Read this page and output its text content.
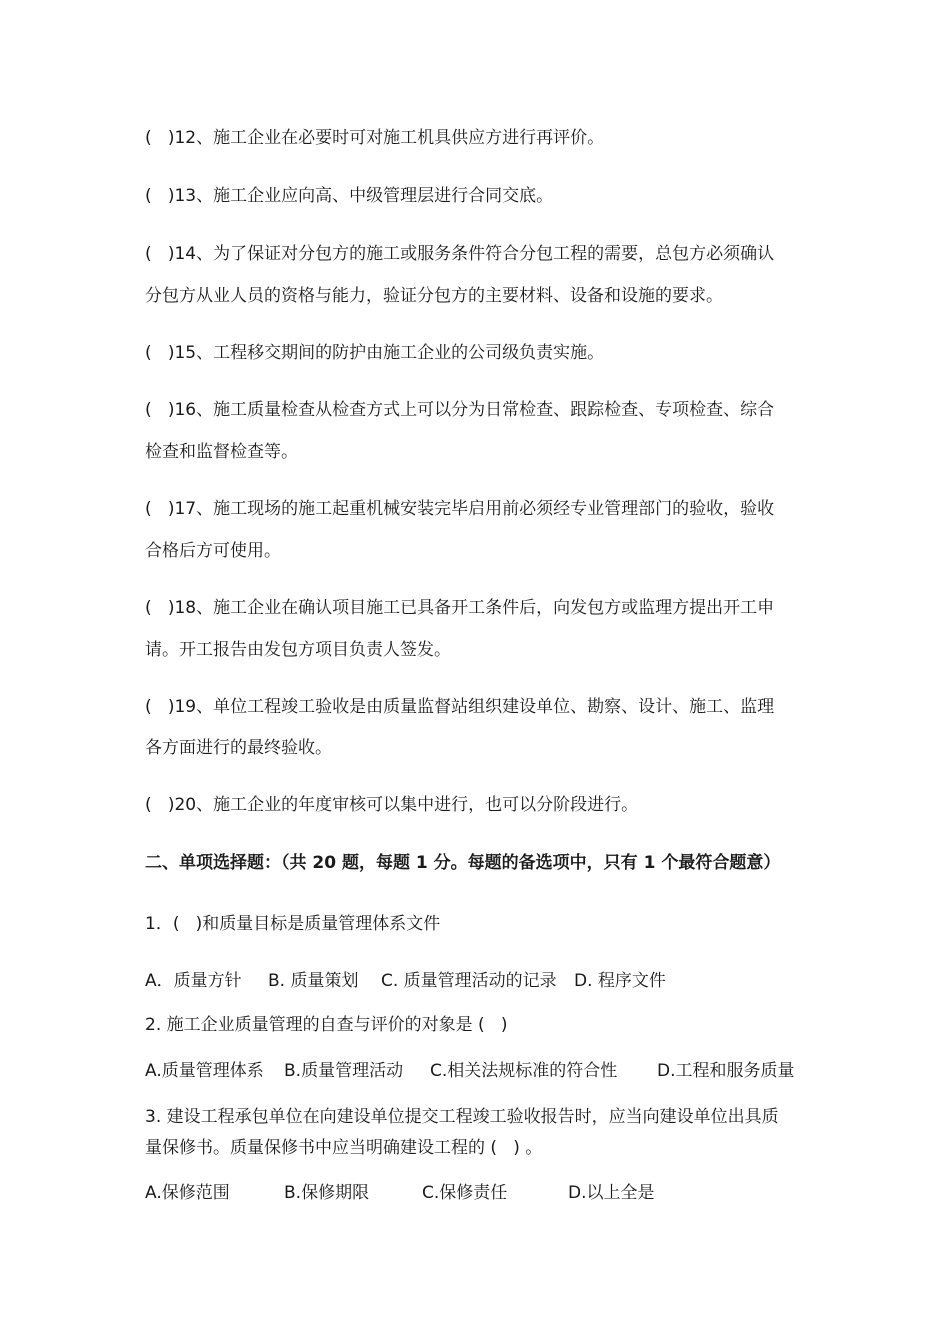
(   )12、施工企业在必要时可对施工机具供应方进行再评价。
(   )13、施工企业应向高、中级管理层进行合同交底。
(   )14、为了保证对分包方的施工或服务条件符合分包工程的需要，总包方必须确认
分包方从业人员的资格与能力，验证分包方的主要材料、设备和设施的要求。
(   )15、工程移交期间的防护由施工企业的公司级负责实施。
(   )16、施工质量检查从检查方式上可以分为日常检查、跟踪检查、专项检查、综合
检查和监督检查等。
(   )17、施工现场的施工起重机械安装完毕启用前必须经专业管理部门的验收，验收
合格后方可使用。
(   )18、施工企业在确认项目施工已具备开工条件后，向发包方或监理方提出开工申
请。开工报告由发包方项目负责人签发。
(   )19、单位工程竣工验收是由质量监督站组织建设单位、勘察、设计、施工、监理
各方面进行的最终验收。
(   )20、施工企业的年度审核可以集中进行，也可以分阶段进行。
二、单项选择题：（共 20 题，每题 1 分。每题的备选项中，只有 1 个最符合题意）
1．(   )和质量目标是质量管理体系文件
A．质量方针 B. 质量策划 C. 质量管理活动的记录 D. 程序文件
2. 施工企业质量管理的自查与评价的对象是 (   )
A.质量管理体系 B.质量管理活动 C.相关法规标准的符合性 D.工程和服务质量
3. 建设工程承包单位在向建设单位提交工程竣工验收报告时，应当向建设单位出具质
量保修书。质量保修书中应当明确建设工程的 (   ) 。
A.保修范围	B.保修期限	C.保修责任	D.以上全是
